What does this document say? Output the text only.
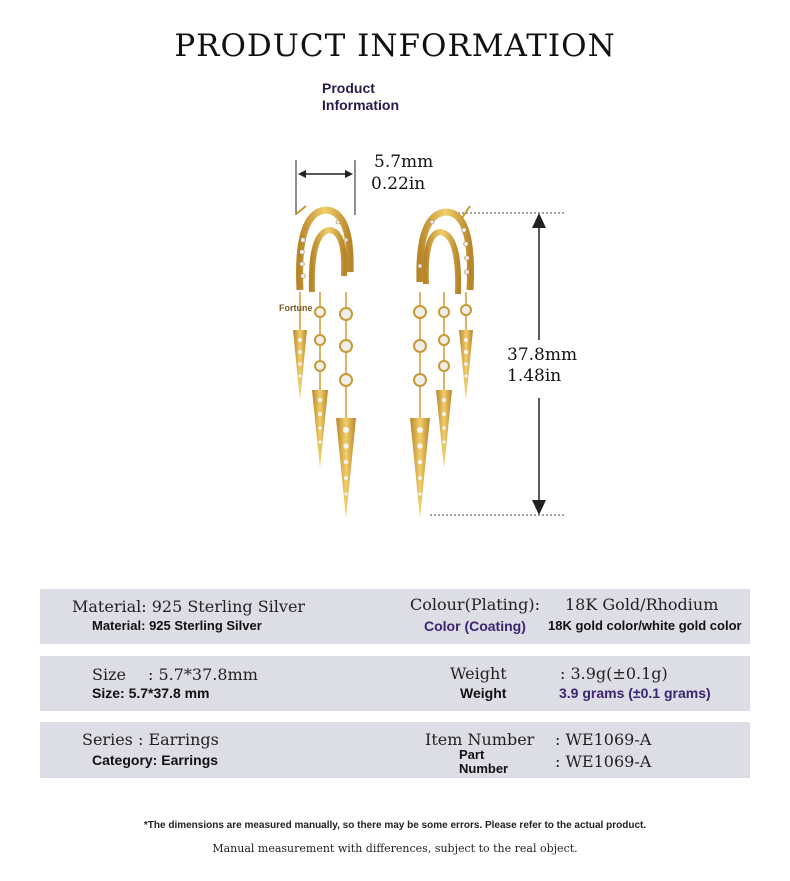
PRODUCT INFORMATION
Product
Information
5.7mm
0.22in
37.8mm
1.48in
Fortune
Material: 925 Sterling Silver
Material: 925 Sterling Silver
Colour(Plating): 18K Gold/Rhodium
Color (Coating) 18K gold color/white gold color
Size : 5.7*37.8mm
Size: 5.7*37.8 mm
Weight	: 3.9g(±0.1g)
Weight	3.9 grams (±0.1 grams)
Series : Earrings
Category: Earrings
Item Number : WE1069-A
Part
Number	: WE1069-A
*The dimensions are measured manually, so there may be some errors. Please refer to the actual product.
Manual measurement with differences, subject to the real object.
